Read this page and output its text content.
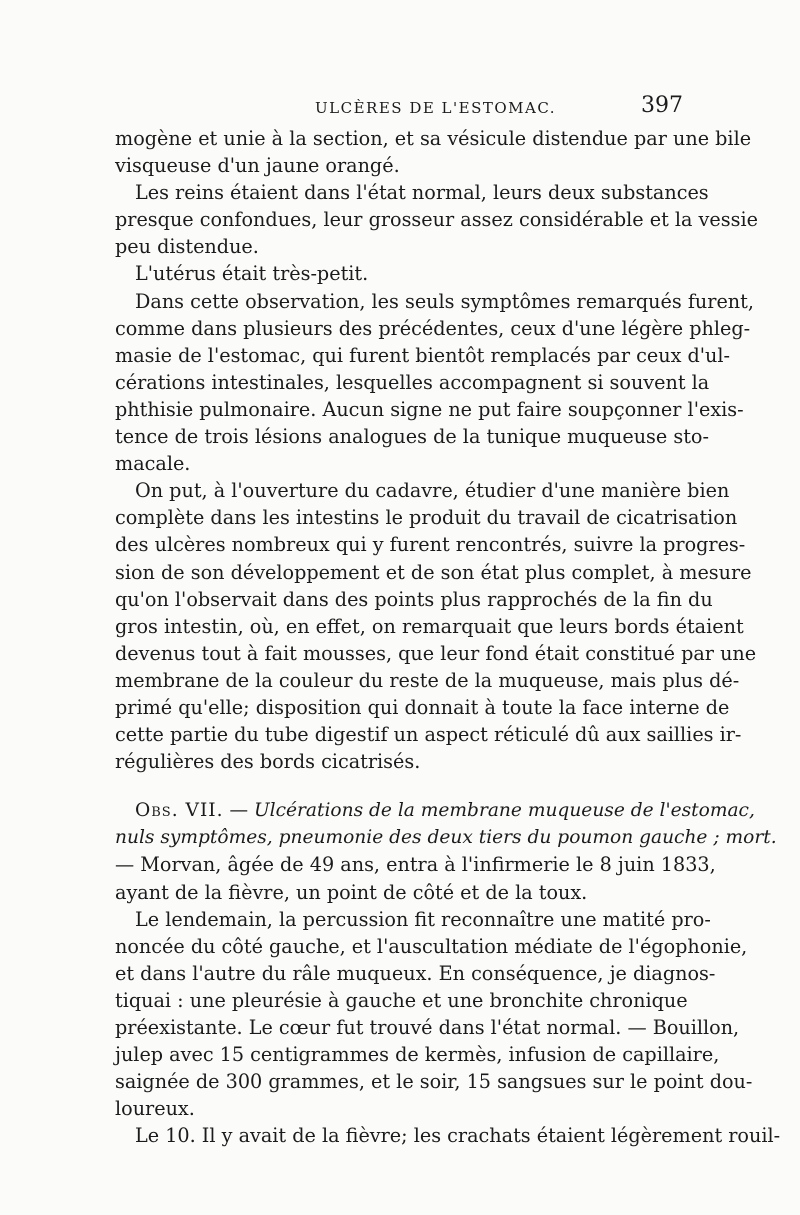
ULCÈRES DE L'ESTOMAC.	397
mogène et unie à la section, et sa vésicule distendue par une bile
visqueuse d'un jaune orangé.
Les reins étaient dans l'état normal, leurs deux substances
presque confondues, leur grosseur assez considérable et la vessie
peu distendue.
L'utérus était très-petit.
Dans cette observation, les seuls symptômes remarqués furent,
comme dans plusieurs des précédentes, ceux d'une légère phleg-
masie de l'estomac, qui furent bientôt remplacés par ceux d'ul-
cérations intestinales, lesquelles accompagnent si souvent la
phthisie pulmonaire. Aucun signe ne put faire soupçonner l'exis-
tence de trois lésions analogues de la tunique muqueuse sto-
macale.
On put, à l'ouverture du cadavre, étudier d'une manière bien
complète dans les intestins le produit du travail de cicatrisation
des ulcères nombreux qui y furent rencontrés, suivre la progres-
sion de son développement et de son état plus complet, à mesure
qu'on l'observait dans des points plus rapprochés de la fin du
gros intestin, où, en effet, on remarquait que leurs bords étaient
devenus tout à fait mousses, que leur fond était constitué par une
membrane de la couleur du reste de la muqueuse, mais plus dé-
primé qu'elle; disposition qui donnait à toute la face interne de
cette partie du tube digestif un aspect réticulé dû aux saillies ir-
régulières des bords cicatrisés.
Obs. VII. — Ulcérations de la membrane muqueuse de l'estomac,
nuls symptômes, pneumonie des deux tiers du poumon gauche ; mort.
— Morvan, âgée de 49 ans, entra à l'infirmerie le 8 juin 1833,
ayant de la fièvre, un point de côté et de la toux.
Le lendemain, la percussion fit reconnaître une matité pro-
noncée du côté gauche, et l'auscultation médiate de l'égophonie,
et dans l'autre du râle muqueux. En conséquence, je diagnos-
tiquai : une pleurésie à gauche et une bronchite chronique
préexistante. Le cœur fut trouvé dans l'état normal. — Bouillon,
julep avec 15 centigrammes de kermès, infusion de capillaire,
saignée de 300 grammes, et le soir, 15 sangsues sur le point dou-
loureux.
Le 10. Il y avait de la fièvre; les crachats étaient légèrement rouil-
